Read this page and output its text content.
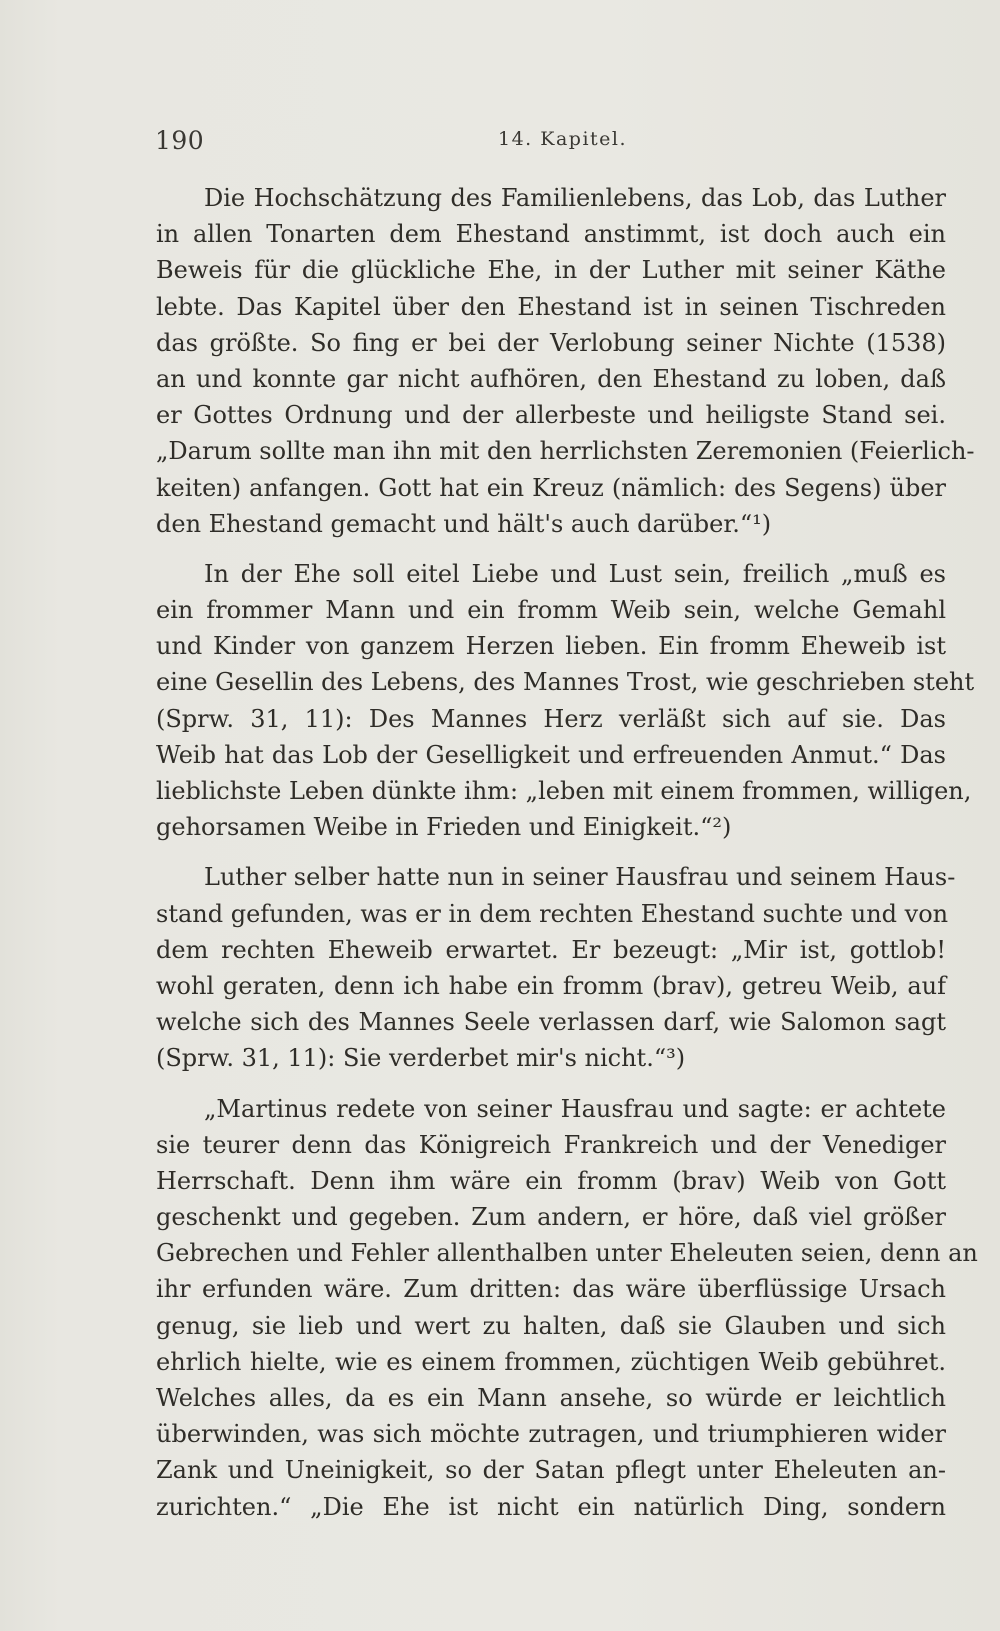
190	14. Kapitel.
Die Hochschätzung des Familienlebens, das Lob, das Luther
in allen Tonarten dem Ehestand anstimmt, ist doch auch ein
Beweis für die glückliche Ehe, in der Luther mit seiner Käthe
lebte. Das Kapitel über den Ehestand ist in seinen Tischreden
das größte. So fing er bei der Verlobung seiner Nichte (1538)
an und konnte gar nicht aufhören, den Ehestand zu loben, daß
er Gottes Ordnung und der allerbeste und heiligste Stand sei.
„Darum sollte man ihn mit den herrlichsten Zeremonien (Feierlich-
keiten) anfangen. Gott hat ein Kreuz (nämlich: des Segens) über
den Ehestand gemacht und hält's auch darüber.“¹)
In der Ehe soll eitel Liebe und Lust sein, freilich „muß es
ein frommer Mann und ein fromm Weib sein, welche Gemahl
und Kinder von ganzem Herzen lieben. Ein fromm Eheweib ist
eine Gesellin des Lebens, des Mannes Trost, wie geschrieben steht
(Sprw. 31, 11): Des Mannes Herz verläßt sich auf sie. Das
Weib hat das Lob der Geselligkeit und erfreuenden Anmut.“ Das
lieblichste Leben dünkte ihm: „leben mit einem frommen, willigen,
gehorsamen Weibe in Frieden und Einigkeit.“²)
Luther selber hatte nun in seiner Hausfrau und seinem Haus-
stand gefunden, was er in dem rechten Ehestand suchte und von
dem rechten Eheweib erwartet. Er bezeugt: „Mir ist, gottlob!
wohl geraten, denn ich habe ein fromm (brav), getreu Weib, auf
welche sich des Mannes Seele verlassen darf, wie Salomon sagt
(Sprw. 31, 11): Sie verderbet mir's nicht.“³)
„Martinus redete von seiner Hausfrau und sagte: er achtete
sie teurer denn das Königreich Frankreich und der Venediger
Herrschaft. Denn ihm wäre ein fromm (brav) Weib von Gott
geschenkt und gegeben. Zum andern, er höre, daß viel größer
Gebrechen und Fehler allenthalben unter Eheleuten seien, denn an
ihr erfunden wäre. Zum dritten: das wäre überflüssige Ursach
genug, sie lieb und wert zu halten, daß sie Glauben und sich
ehrlich hielte, wie es einem frommen, züchtigen Weib gebühret.
Welches alles, da es ein Mann ansehe, so würde er leichtlich
überwinden, was sich möchte zutragen, und triumphieren wider
Zank und Uneinigkeit, so der Satan pflegt unter Eheleuten an-
zurichten.“ „Die Ehe ist nicht ein natürlich Ding, sondern
